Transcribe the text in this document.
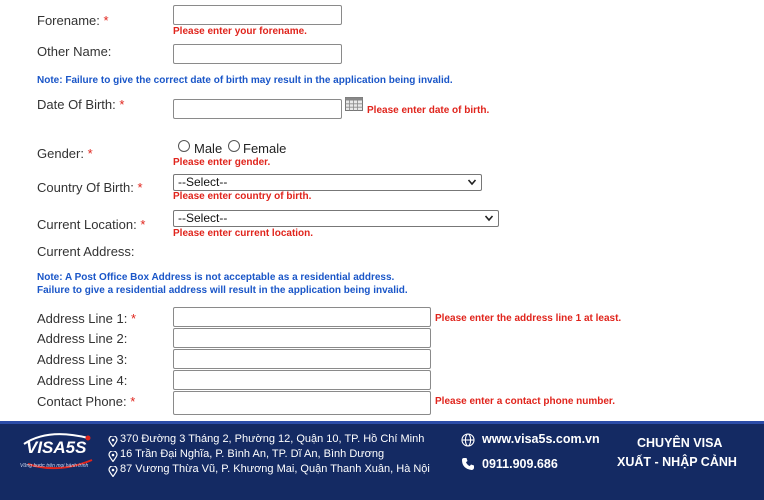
Forename: *
Please enter your forename.
Other Name:
Note: Failure to give the correct date of birth may result in the application being invalid.
Date Of Birth: *	Please enter date of birth.
Gender: *	Male Female
Please enter gender.
Country Of Birth: *	--Select--
Please enter country of birth.
Current Location: *	--Select--
Please enter current location.
Current Address:
Note: A Post Office Box Address is not acceptable as a residential address.
Failure to give a residential address will result in the application being invalid.
Address Line 1: *	Please enter the address line 1 at least.
Address Line 2:
Address Line 3:
Address Line 4:
Contact Phone: *	Please enter a contact phone number.
VISA5S
Vững bước trên mọi hành trình
370 Đường 3 Tháng 2, Phường 12, Quận 10, TP. Hồ Chí Minh
16 Trần Đại Nghĩa, P. Bình An, TP. Dĩ An, Bình Dương
87 Vương Thừa Vũ, P. Khương Mai, Quận Thanh Xuân, Hà Nội
www.visa5s.com.vn
0911.909.686
CHUYÊN VISA
XUẤT - NHẬP CẢNH
